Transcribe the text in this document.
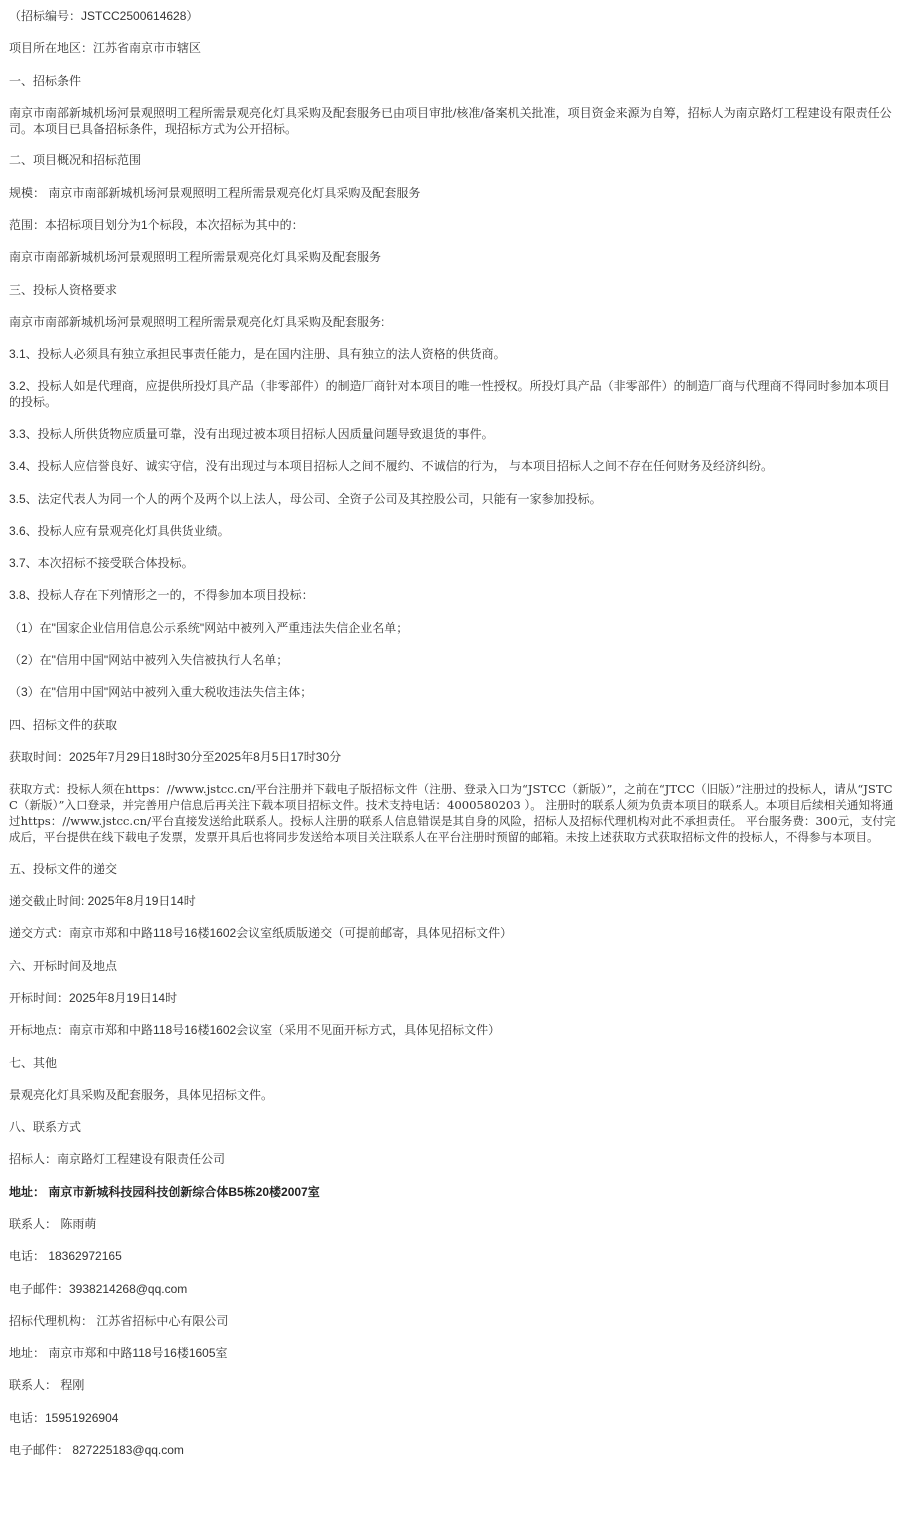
（招标编号：JSTCC2500614628）
项目所在地区：江苏省南京市市辖区
一、招标条件
南京市南部新城机场河景观照明工程所需景观亮化灯具采购及配套服务已由项目审批/核准/备案机关批准，项目资金来源为自筹，招标人为南京路灯工程建设有限责任公司。本项目已具备招标条件，现招标方式为公开招标。
二、项目概况和招标范围
规模： 南京市南部新城机场河景观照明工程所需景观亮化灯具采购及配套服务
范围：本招标项目划分为1个标段，本次招标为其中的：
南京市南部新城机场河景观照明工程所需景观亮化灯具采购及配套服务
三、投标人资格要求
南京市南部新城机场河景观照明工程所需景观亮化灯具采购及配套服务:
3.1、投标人必须具有独立承担民事责任能力，是在国内注册、具有独立的法人资格的供货商。
3.2、投标人如是代理商，应提供所投灯具产品（非零部件）的制造厂商针对本项目的唯一性授权。所投灯具产品（非零部件）的制造厂商与代理商不得同时参加本项目的投标。
3.3、投标人所供货物应质量可靠，没有出现过被本项目招标人因质量问题导致退货的事件。
3.4、投标人应信誉良好、诚实守信，没有出现过与本项目招标人之间不履约、不诚信的行为， 与本项目招标人之间不存在任何财务及经济纠纷。
3.5、法定代表人为同一个人的两个及两个以上法人，母公司、全资子公司及其控股公司，只能有一家参加投标。
3.6、投标人应有景观亮化灯具供货业绩。
3.7、本次招标不接受联合体投标。
3.8、投标人存在下列情形之一的，不得参加本项目投标：
（1）在"国家企业信用信息公示系统"网站中被列入严重违法失信企业名单；
（2）在"信用中国"网站中被列入失信被执行人名单；
（3）在"信用中国"网站中被列入重大税收违法失信主体；
四、招标文件的获取
获取时间：2025年7月29日18时30分至2025年8月5日17时30分
获取方式：投标人须在https：//www.jstcc.cn/平台注册并下载电子版招标文件（注册、登录入口为“JSTCC（新版）”，之前在“JTCC（旧版）”注册过的投标人，请从“JSTCC（新版）”入口登录，并完善用户信息后再关注下载本项目招标文件。技术支持电话：4000580203 ）。 注册时的联系人须为负责本项目的联系人。本项目后续相关通知将通过https：//www.jstcc.cn/平台直接发送给此联系人。投标人注册的联系人信息错误是其自身的风险，招标人及招标代理机构对此不承担责任。 平台服务费：300元，支付完成后，平台提供在线下载电子发票，发票开具后也将同步发送给本项目关注联系人在平台注册时预留的邮箱。未按上述获取方式获取招标文件的投标人，不得参与本项目。
五、投标文件的递交
递交截止时间: 2025年8月19日14时
递交方式：南京市郑和中路118号16楼1602会议室纸质版递交（可提前邮寄，具体见招标文件）
六、开标时间及地点
开标时间：2025年8月19日14时
开标地点：南京市郑和中路118号16楼1602会议室（采用不见面开标方式，具体见招标文件）
七、其他
景观亮化灯具采购及配套服务，具体见招标文件。
八、联系方式
招标人：南京路灯工程建设有限责任公司
地址： 南京市新城科技园科技创新综合体B5栋20楼2007室
联系人： 陈雨萌
电话： 18362972165
电子邮件：3938214268@qq.com
招标代理机构： 江苏省招标中心有限公司
地址： 南京市郑和中路118号16楼1605室
联系人： 程刚
电话：15951926904
电子邮件： 827225183@qq.com
